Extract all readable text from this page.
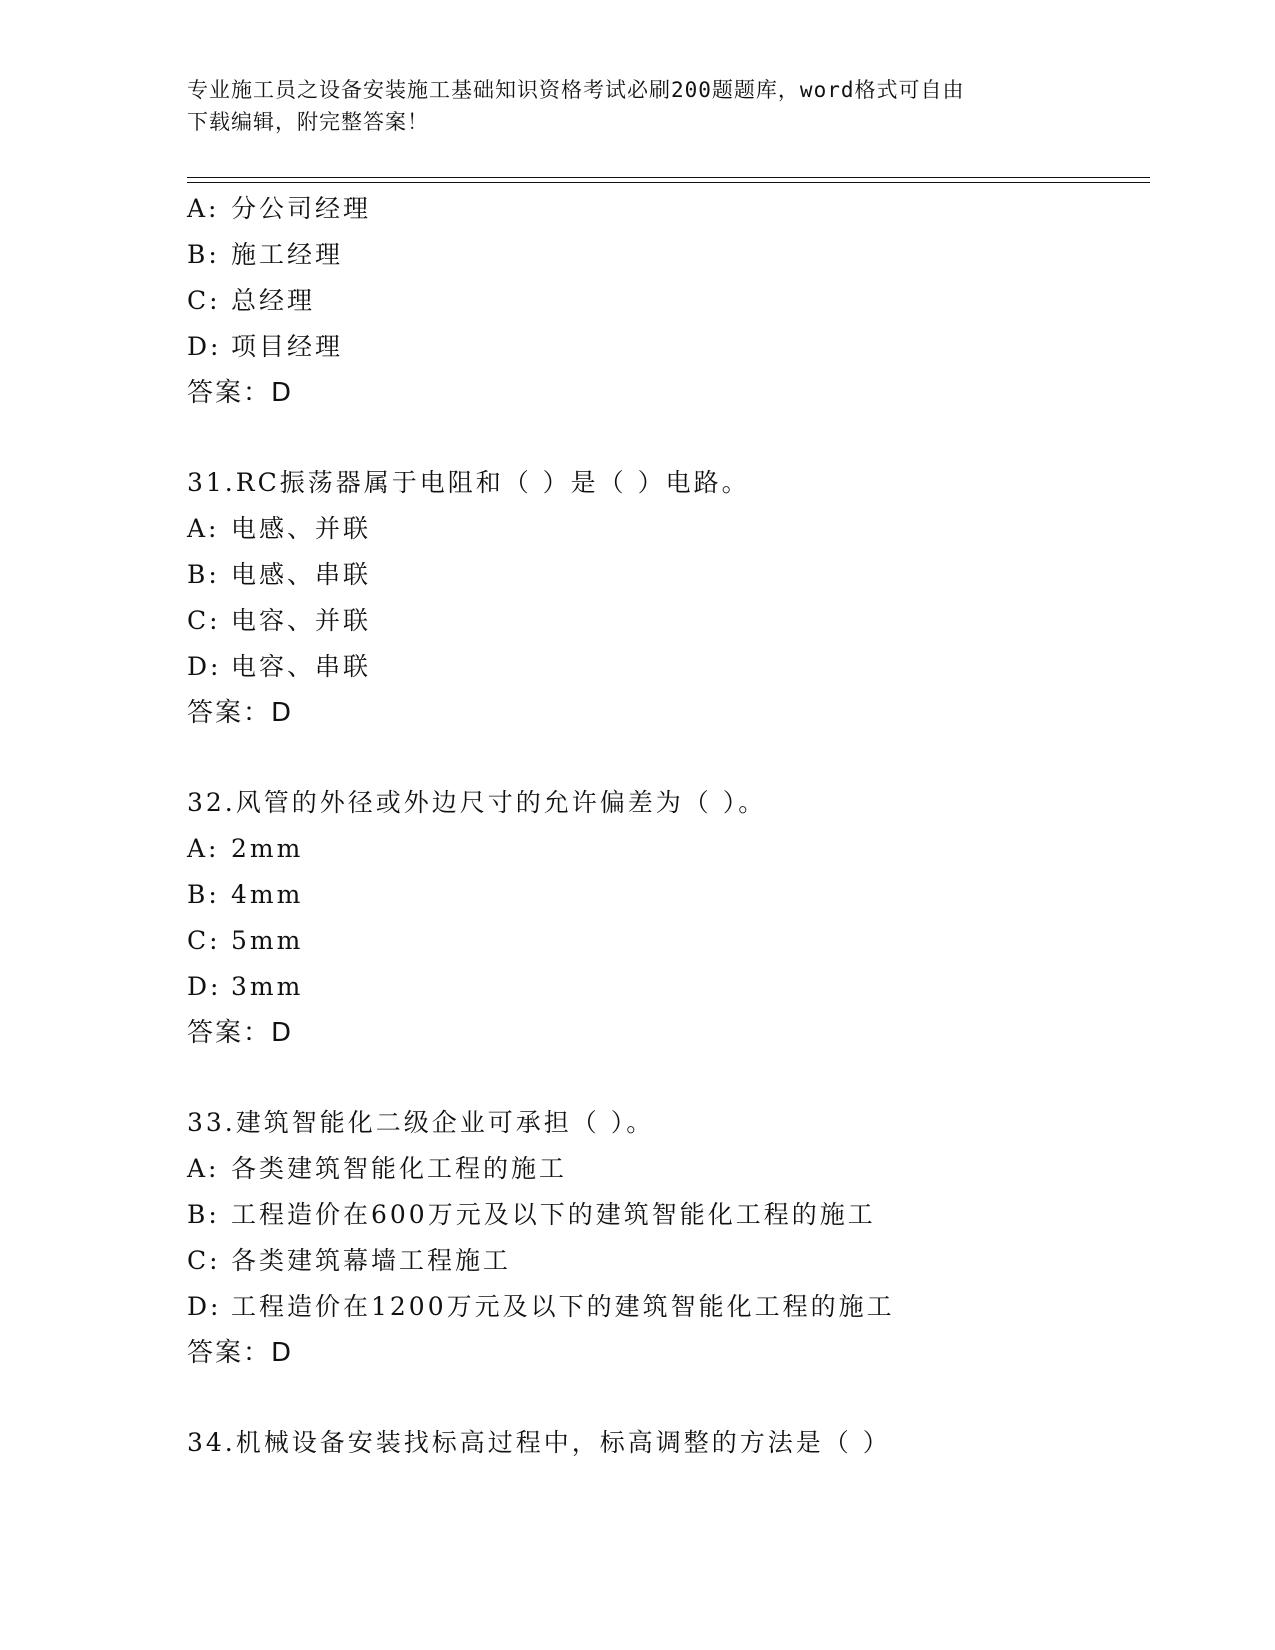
专业施工员之设备安装施工基础知识资格考试必刷200题题库，word格式可自由
下载编辑，附完整答案！
A: 分公司经理
B: 施工经理
C: 总经理
D: 项目经理
答案：D
31.RC振荡器属于电阻和（ ）是（ ）电路。
A: 电感、并联
B: 电感、串联
C: 电容、并联
D: 电容、串联
答案：D
32.风管的外径或外边尺寸的允许偏差为（ ）。
A: 2mm
B: 4mm
C: 5mm
D: 3mm
答案：D
33.建筑智能化二级企业可承担（ ）。
A: 各类建筑智能化工程的施工
B: 工程造价在600万元及以下的建筑智能化工程的施工
C: 各类建筑幕墙工程施工
D: 工程造价在1200万元及以下的建筑智能化工程的施工
答案：D
34.机械设备安装找标高过程中，标高调整的方法是（ ）
